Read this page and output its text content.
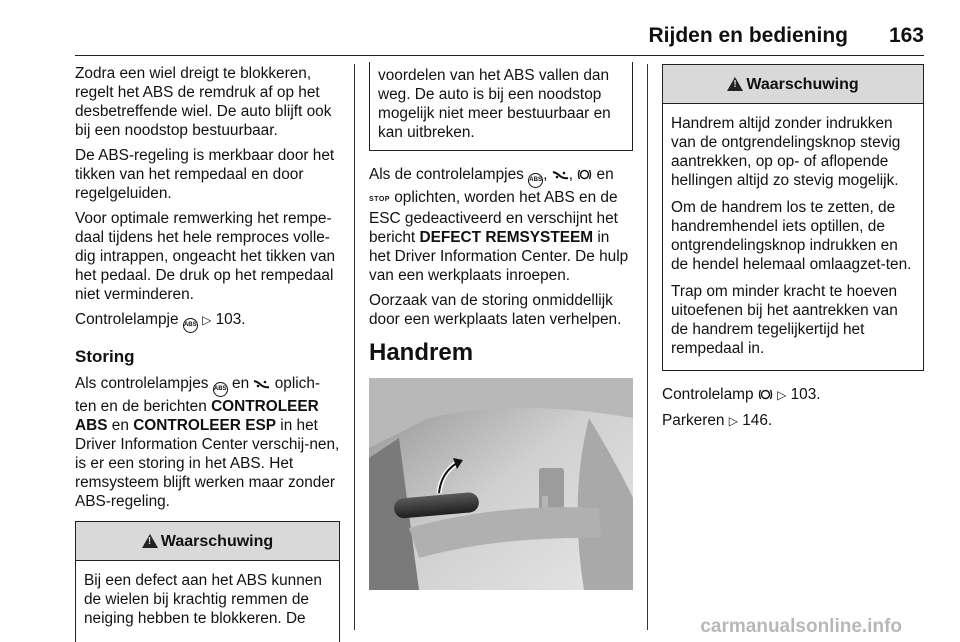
Rijden en bediening 163

Zodra een wiel dreigt te blokkeren, regelt het ABS de remdruk af op het desbetreffende wiel. De auto blijft ook bij een noodstop bestuurbaar.

De ABS-regeling is merkbaar door het tikken van het rempedaal en door regelgeluiden.

Voor optimale remwerking het rempe-daal tijdens het hele remproces volle-dig intrappen, ongeacht het tikken van het pedaal. De druk op het rempedaal niet verminderen.

Controlelampje ABS ▷ 103.

Storing

Als controlelampjes ABS en oplich-ten en de berichten CONTROLEER ABS en CONTROLEER ESP in het Driver Information Center verschij-nen, is er een storing in het ABS. Het remsysteem blijft werken maar zonder ABS-regeling.

!
Waarschuwing

Bij een defect aan het ABS kunnen de wielen bij krachtig remmen de neiging hebben te blokkeren. De

voordelen van het ABS vallen dan weg. De auto is bij een noodstop mogelijk niet meer bestuurbaar en kan uitbreken.

Als de controlelampjes ABS, ,  en STOP oplichten, worden het ABS en de ESC gedeactiveerd en verschijnt het bericht DEFECT REMSYSTEEM in het Driver Information Center. De hulp van een werkplaats inroepen.

Oorzaak van de storing onmiddellijk door een werkplaats laten verhelpen.

Handrem
!
Waarschuwing

Handrem altijd zonder indrukken van de ontgrendelingsknop stevig aantrekken, op op- of aflopende hellingen altijd zo stevig mogelijk.

Om de handrem los te zetten, de handremhendel iets optillen, de ontgrendelingsknop indrukken en de hendel helemaal omlaagzet-ten.

Trap om minder kracht te hoeven uitoefenen bij het aantrekken van de handrem tegelijkertijd het rempedaal in.

Controlelamp ▷ 103.

Parkeren ▷ 146.

carmanualsonline.info
